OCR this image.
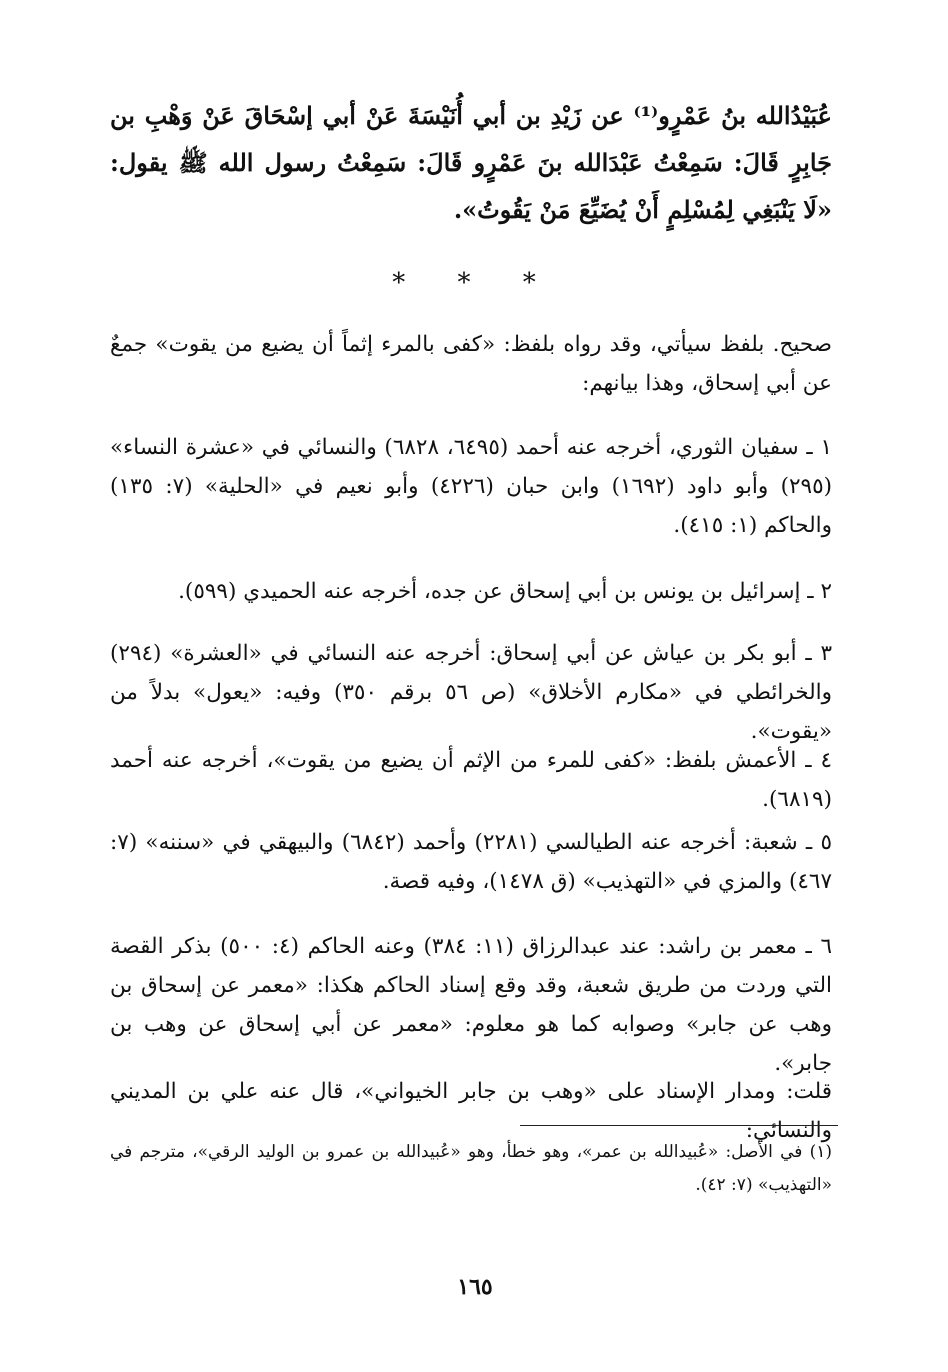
عُبَيْدُالله بنُ عَمْرٍو⁽¹⁾ عن زَيْدِ بن أبي أُنَيْسَةَ عَنْ أبي إسْحَاقَ عَنْ وَهْبِ بن جَابِرٍ قَالَ: سَمِعْتُ عَبْدَالله بنَ عَمْرٍو قَالَ: سَمِعْتُ رسول الله ﷺ يقول: «لَا يَنْبَغِي لِمُسْلِمٍ أَنْ يُضَيِّعَ مَنْ يَقُوتُ».
* * *
صحيح. بلفظ سيأتي، وقد رواه بلفظ: «كفى بالمرء إثماً أن يضيع من يقوت» جمعٌ عن أبي إسحاق، وهذا بيانهم:
١ ـ سفيان الثوري، أخرجه عنه أحمد (٦٤٩٥، ٦٨٢٨) والنسائي في «عشرة النساء» (٢٩٥) وأبو داود (١٦٩٢) وابن حبان (٤٢٢٦) وأبو نعيم في «الحلية» (٧: ١٣٥) والحاكم (١: ٤١٥).
٢ ـ إسرائيل بن يونس بن أبي إسحاق عن جده، أخرجه عنه الحميدي (٥٩٩).
٣ ـ أبو بكر بن عياش عن أبي إسحاق: أخرجه عنه النسائي في «العشرة» (٢٩٤) والخرائطي في «مكارم الأخلاق» (ص ٥٦ برقم ٣٥٠) وفيه: «يعول» بدلاً من «يقوت».
٤ ـ الأعمش بلفظ: «كفى للمرء من الإثم أن يضيع من يقوت»، أخرجه عنه أحمد (٦٨١٩).
٥ ـ شعبة: أخرجه عنه الطيالسي (٢٢٨١) وأحمد (٦٨٤٢) والبيهقي في «سننه» (٧: ٤٦٧) والمزي في «التهذيب» (ق ١٤٧٨)، وفيه قصة.
٦ ـ معمر بن راشد: عند عبدالرزاق (١١: ٣٨٤) وعنه الحاكم (٤: ٥٠٠) بذكر القصة التي وردت من طريق شعبة، وقد وقع إسناد الحاكم هكذا: «معمر عن إسحاق بن وهب عن جابر» وصوابه كما هو معلوم: «معمر عن أبي إسحاق عن وهب بن جابر».
قلت: ومدار الإسناد على «وهب بن جابر الخيواني»، قال عنه علي بن المديني والنسائي:
(١) في الأصل: «عُبيدالله بن عمر»، وهو خطأ، وهو «عُبيدالله بن عمرو بن الوليد الرقي»، مترجم في «التهذيب» (٧: ٤٢).
١٦٥
